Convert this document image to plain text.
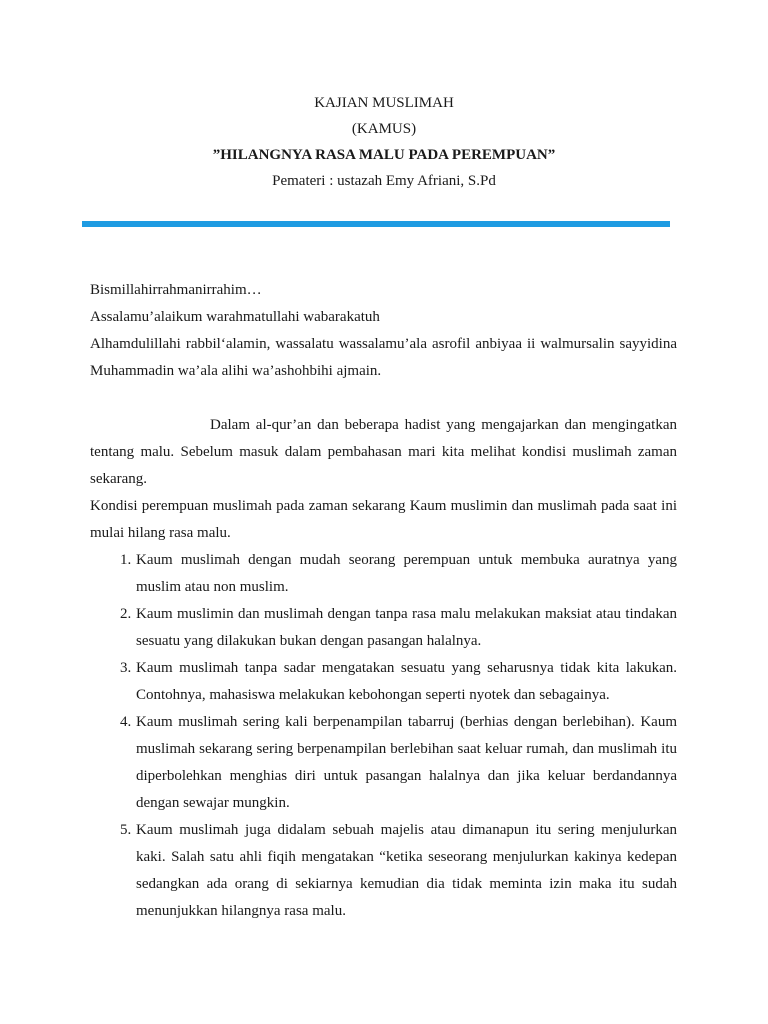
KAJIAN MUSLIMAH

(KAMUS)

”HILANGNYA RASA MALU PADA PEREMPUAN”

Pemateri : ustazah Emy Afriani, S.Pd

Bismillahirrahmanirrahim…

Assalamu’alaikum warahmatullahi wabarakatuh

Alhamdulillahi rabbil‘alamin, wassalatu wassalamu’ala asrofil anbiyaa ii walmursalin sayyidina Muhammadin wa’ala alihi wa’ashohbihi ajmain.

Dalam al-qur’an dan beberapa hadist yang mengajarkan dan mengingatkan tentang malu. Sebelum masuk dalam pembahasan mari kita melihat kondisi muslimah zaman sekarang.

Kondisi perempuan muslimah pada zaman sekarang Kaum muslimin dan muslimah pada saat ini mulai hilang rasa malu.

1. Kaum muslimah dengan mudah seorang perempuan untuk membuka auratnya yang muslim atau non muslim.
2. Kaum muslimin dan muslimah dengan tanpa rasa malu melakukan maksiat atau tindakan sesuatu yang dilakukan bukan dengan pasangan halalnya.
3. Kaum muslimah tanpa sadar mengatakan sesuatu yang seharusnya tidak kita lakukan. Contohnya, mahasiswa melakukan kebohongan seperti nyotek dan sebagainya.
4. Kaum muslimah sering kali berpenampilan tabarruj (berhias dengan berlebihan). Kaum muslimah sekarang sering berpenampilan berlebihan saat keluar rumah, dan muslimah itu diperbolehkan menghias diri untuk pasangan halalnya dan jika keluar berdandannya dengan sewajar mungkin.
5. Kaum muslimah juga didalam sebuah majelis atau dimanapun itu sering menjulurkan kaki. Salah satu ahli fiqih mengatakan “ketika seseorang menjulurkan kakinya kedepan sedangkan ada orang di sekiarnya kemudian dia tidak meminta izin maka itu sudah menunjukkan hilangnya rasa malu.
